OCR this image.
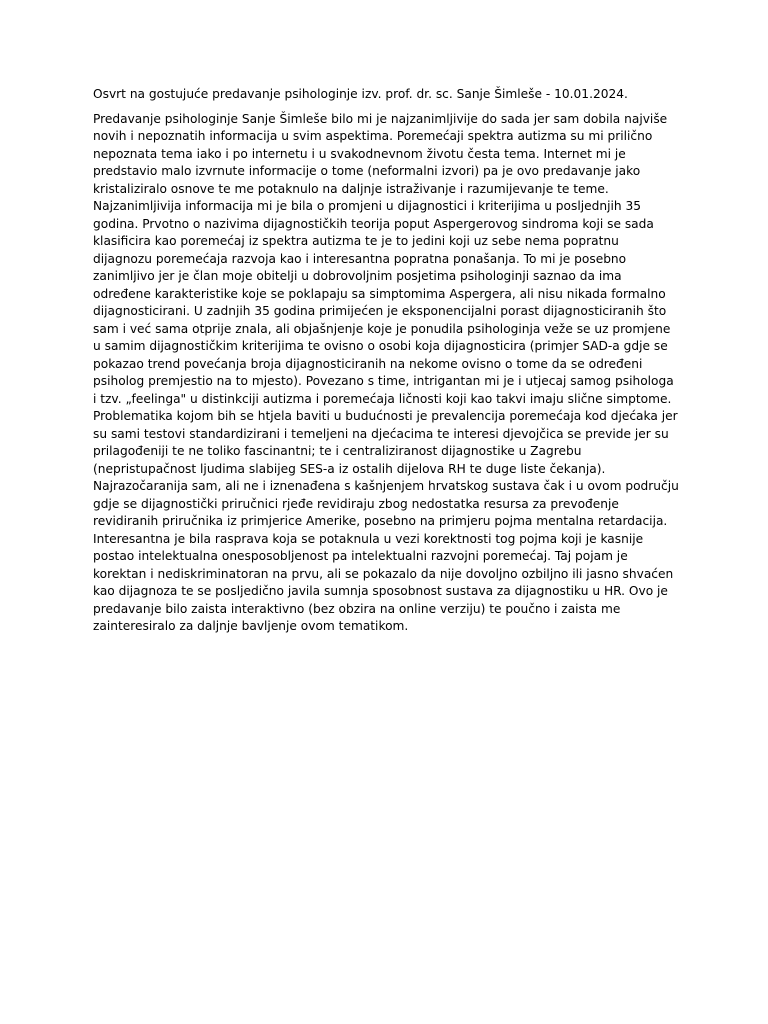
Osvrt na gostujuće predavanje psihologinje izv. prof. dr. sc. Sanje Šimleše - 10.01.2024.

Predavanje psihologinje Sanje Šimleše bilo mi je najzanimljivije do sada jer sam dobila najviše novih i nepoznatih informacija u svim aspektima. Poremećaji spektra autizma su mi prilično nepoznata tema iako i po internetu i u svakodnevnom životu česta tema. Internet mi je predstavio malo izvrnute informacije o tome (neformalni izvori) pa je ovo predavanje jako kristaliziralo osnove te me potaknulo na daljnje istraživanje i razumijevanje te teme. Najzanimljivija informacija mi je bila o promjeni u dijagnostici i kriterijima u posljednjih 35 godina. Prvotno o nazivima dijagnostičkih teorija poput Aspergerovog sindroma koji se sada klasificira kao poremećaj iz spektra autizma te je to jedini koji uz sebe nema popratnu dijagnozu poremećaja razvoja kao i interesantna popratna ponašanja. To mi je posebno zanimljivo jer je član moje obitelji u dobrovoljnim posjetima psihologinji saznao da ima određene karakteristike koje se poklapaju sa simptomima Aspergera, ali nisu nikada formalno dijagnosticirani. U zadnjih 35 godina primijećen je eksponencijalni porast dijagnosticiranih što sam i već sama otprije znala, ali objašnjenje koje je ponudila psihologinja veže se uz promjene u samim dijagnostičkim kriterijima te ovisno o osobi koja dijagnosticira (primjer SAD-a gdje se pokazao trend povećanja broja dijagnosticiranih na nekome ovisno o tome da se određeni psiholog premjestio na to mjesto). Povezano s time, intrigantan mi je i utjecaj samog psihologa i tzv. „feelinga" u distinkciji autizma i poremećaja ličnosti koji kao takvi imaju slične simptome. Problematika kojom bih se htjela baviti u budućnosti je prevalencija poremećaja kod djećaka jer su sami testovi standardizirani i temeljeni na djećacima te interesi djevojčica se previde jer su prilagođeniji te ne toliko fascinantni; te i centraliziranost dijagnostike u Zagrebu (nepristupačnost ljudima slabijeg SES-a iz ostalih dijelova RH te duge liste čekanja). Najrazočaranija sam, ali ne i iznenađena s kašnjenjem hrvatskog sustava čak i u ovom području gdje se dijagnostički priručnici rjeđe revidiraju zbog nedostatka resursa za prevođenje revidiranih priručnika iz primjerice Amerike, posebno na primjeru pojma mentalna retardacija. Interesantna je bila rasprava koja se potaknula u vezi korektnosti tog pojma koji je kasnije postao intelektualna onesposobljenost pa intelektualni razvojni poremećaj. Taj pojam je korektan i nediskriminatoran na prvu, ali se pokazalo da nije dovoljno ozbiljno ili jasno shvaćen kao dijagnoza te se posljedično javila sumnja sposobnost sustava za dijagnostiku u HR. Ovo je predavanje bilo zaista interaktivno (bez obzira na online verziju) te poučno i zaista me zainteresiralo za daljnje bavljenje ovom tematikom.
